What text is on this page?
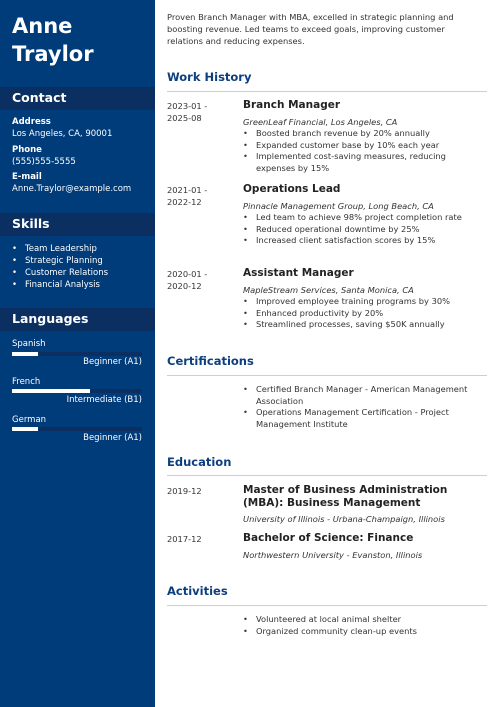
Anne
Traylor
Contact
Address
Los Angeles, CA, 90001
Phone
(555)555-5555
E-mail
Anne.Traylor@example.com
Skills
• Team Leadership
• Strategic Planning
• Customer Relations
• Financial Analysis
Languages
Spanish
Beginner (A1)
French
Intermediate (B1)
German
Beginner (A1)
Proven Branch Manager with MBA, excelled in strategic planning and boosting revenue. Led teams to exceed goals, improving customer relations and reducing expenses.
Work History
2023-01 -
2025-08
Branch Manager
GreenLeaf Financial, Los Angeles, CA
• Boosted branch revenue by 20% annually
• Expanded customer base by 10% each year
• Implemented cost-saving measures, reducing expenses by 15%
2021-01 -
2022-12
Operations Lead
Pinnacle Management Group, Long Beach, CA
• Led team to achieve 98% project completion rate
• Reduced operational downtime by 25%
• Increased client satisfaction scores by 15%
2020-01 -
2020-12
Assistant Manager
MapleStream Services, Santa Monica, CA
• Improved employee training programs by 30%
• Enhanced productivity by 20%
• Streamlined processes, saving $50K annually
Certifications
• Certified Branch Manager - American Management Association
• Operations Management Certification - Project Management Institute
Education
2019-12	Master of Business Administration (MBA): Business Management
University of Illinois - Urbana-Champaign, Illinois
2017-12	Bachelor of Science: Finance
Northwestern University - Evanston, Illinois
Activities
• Volunteered at local animal shelter
• Organized community clean-up events
